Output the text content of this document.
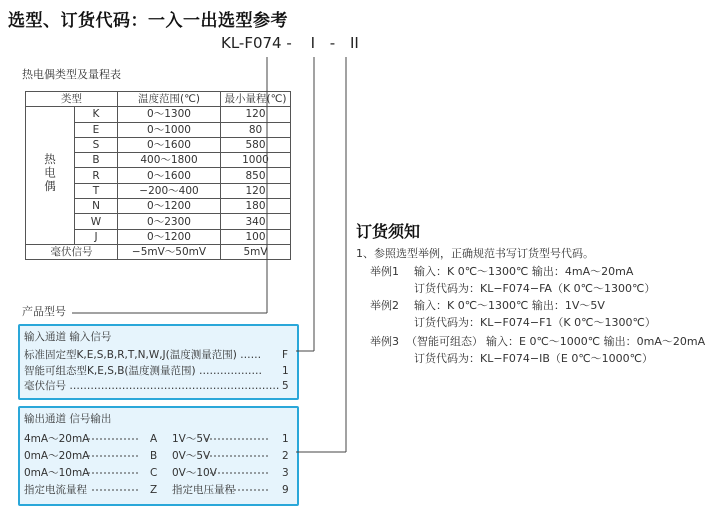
选型、订货代码：一入一出选型参考
KL-F074 - I - II
热电偶类型及量程表
类型		温度范围(℃)	最小量程(℃)
热电偶	K	0～1300	120
	E	0～1000	80
	S	0～1600	580
	B	400～1800	1000
	R	0～1600	850
	T	−200～400	120
	N	0～1200	180
	W	0～2300	340
	J	0～1200	100
毫伏信号		−5mV～50mV	5mV
产品型号
输入通道 输入信号
标准固定型K,E,S,B,R,T,N,W,J(温度测量范围) …… F
智能可组态型K,E,S,B(温度测量范围) ……………… 1
毫伏信号 …………………………………………………… 5
输出通道 信号输出
4mA～20mA	A 1V～5V	1
0mA～20mA	B 0V～5V	2
0mA～10mA	C 0V～10V	3
指定电流量程	Z 指定电压量程	9
订货须知
1、参照选型举例，正确规范书写订货型号代码。
举例1 输入：K 0℃～1300℃ 输出：4mA～20mA
订货代码为：KL−F074−FA（K 0℃～1300℃）
举例2 输入：K 0℃～1300℃ 输出：1V～5V
订货代码为：KL−F074−F1（K 0℃～1300℃）
举例3 （智能可组态） 输入：E 0℃～1000℃ 输出：0mA～20mA
订货代码为：KL−F074−IB（E 0℃～1000℃）
